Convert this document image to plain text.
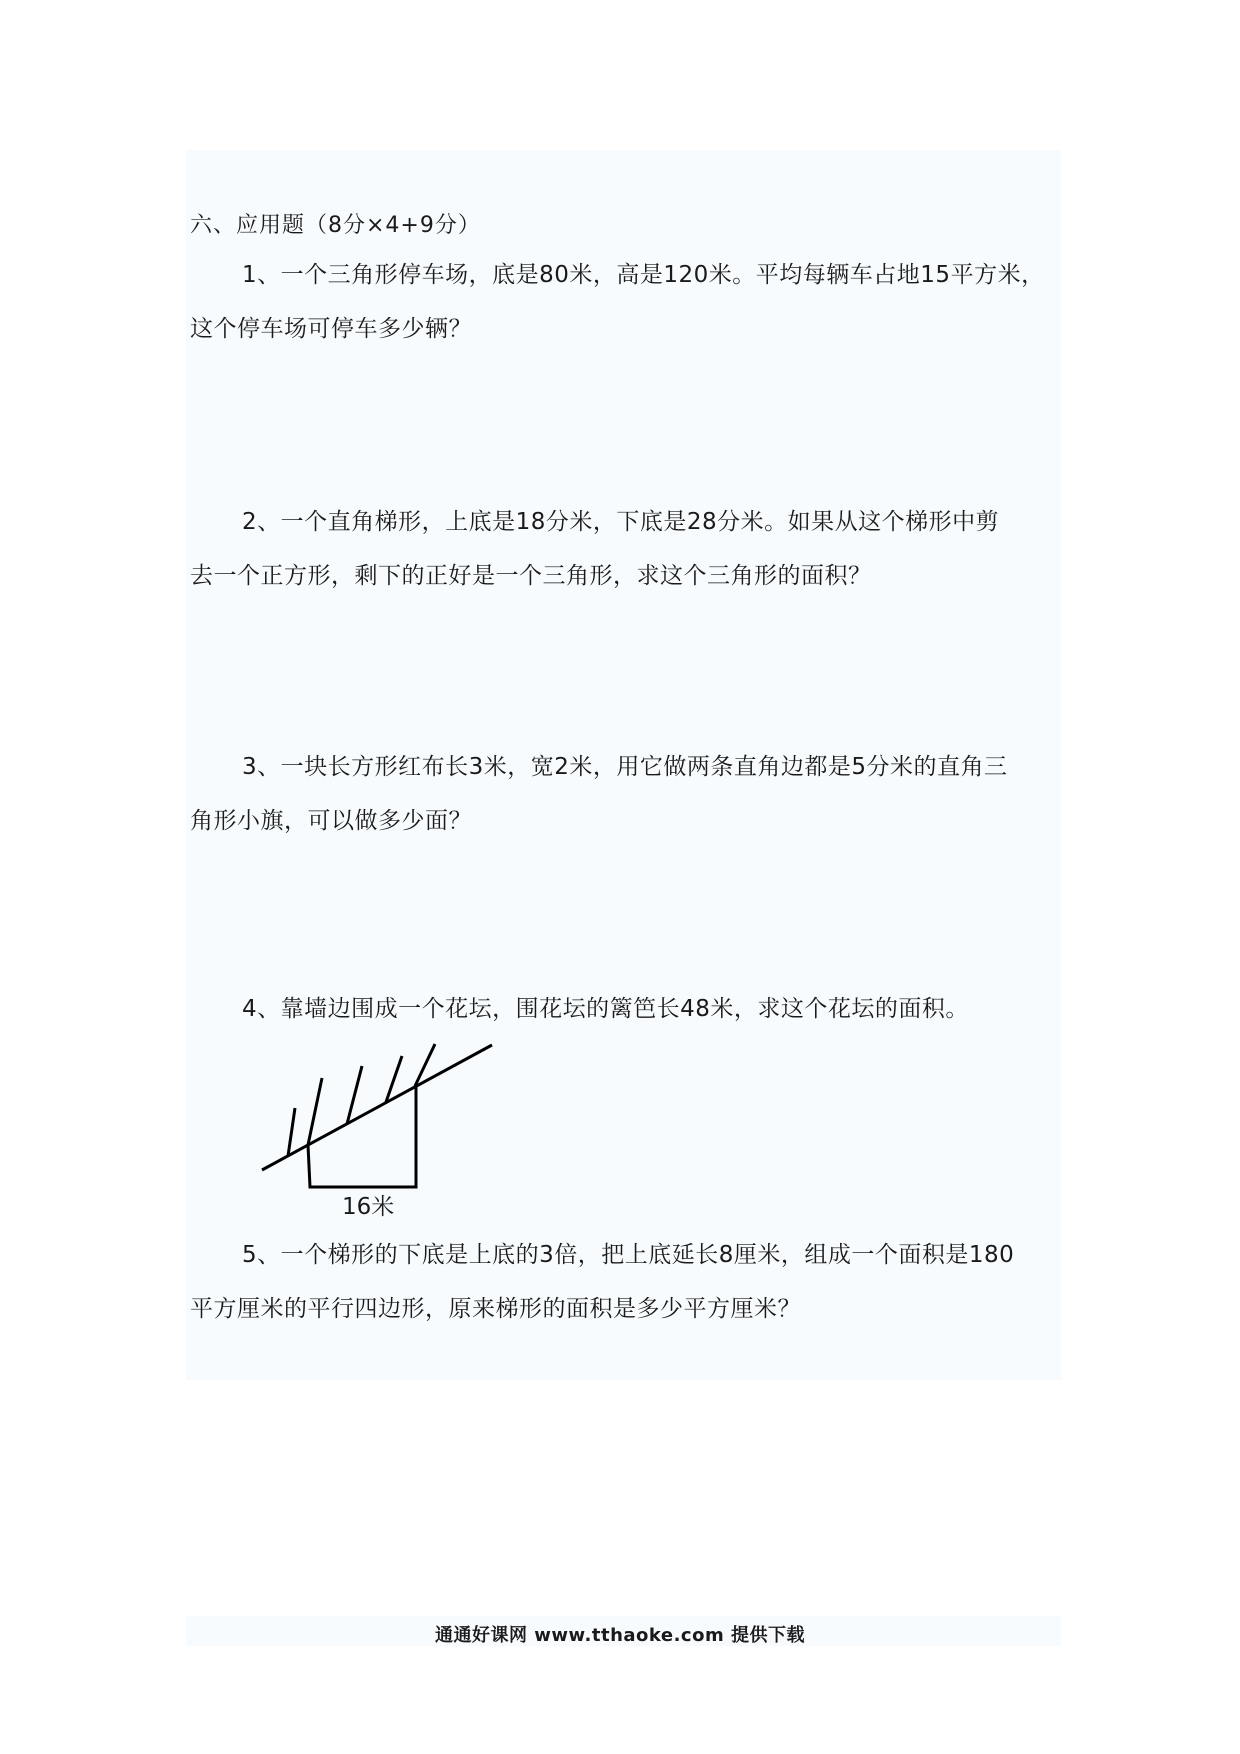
六、应用题（8分×4+9分）
1、一个三角形停车场，底是80米，高是120米。平均每辆车占地15平方米，
这个停车场可停车多少辆？
2、一个直角梯形，上底是18分米，下底是28分米。如果从这个梯形中剪
去一个正方形，剩下的正好是一个三角形，求这个三角形的面积？
3、一块长方形红布长3米，宽2米，用它做两条直角边都是5分米的直角三
角形小旗，可以做多少面？
4、靠墙边围成一个花坛，围花坛的篱笆长48米，求这个花坛的面积。
16米
5、一个梯形的下底是上底的3倍，把上底延长8厘米，组成一个面积是180
平方厘米的平行四边形，原来梯形的面积是多少平方厘米？
通通好课网 www.tthaoke.com 提供下载
